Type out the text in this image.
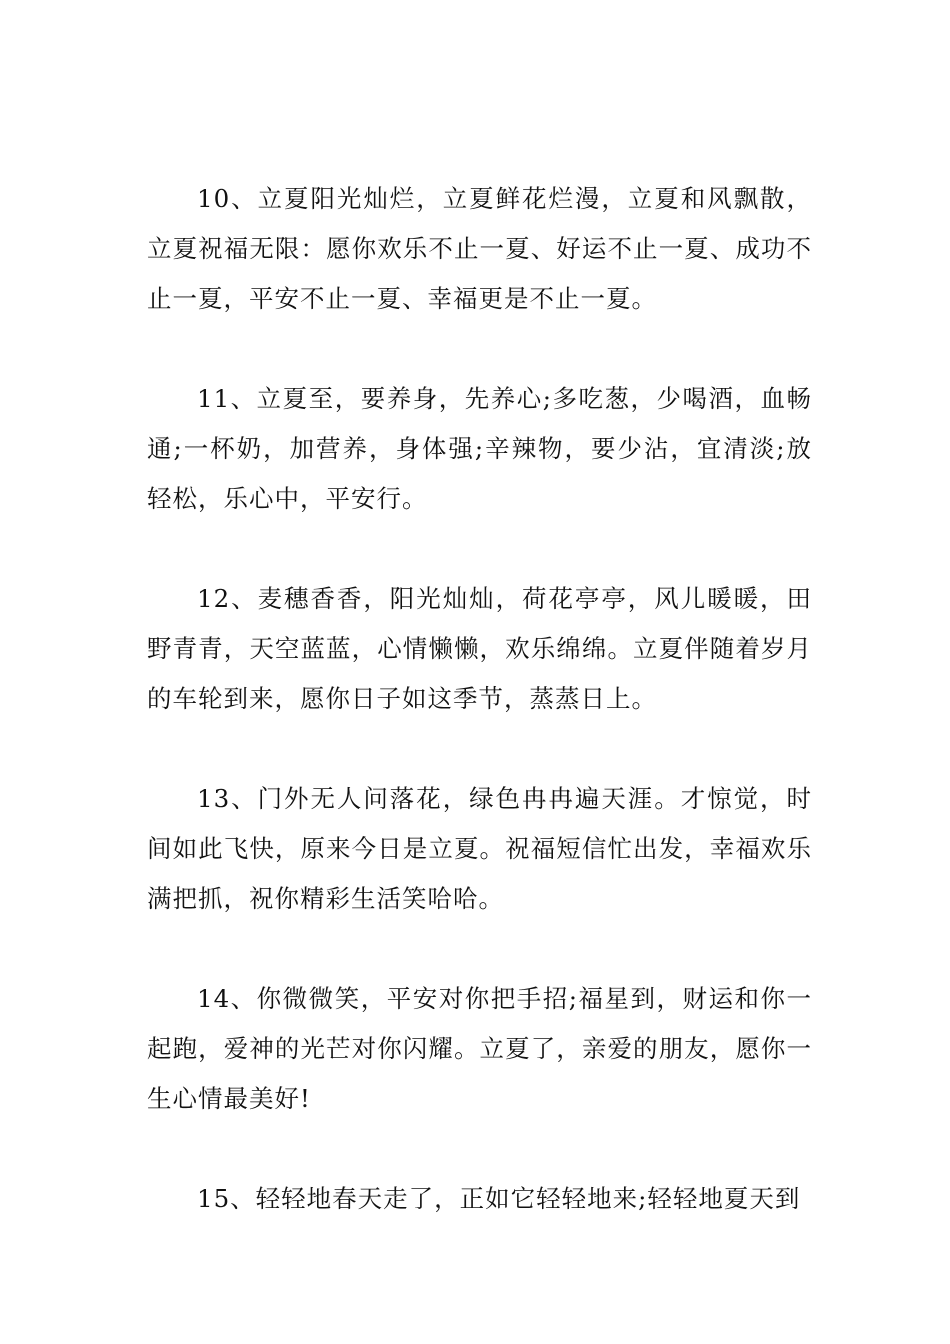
10、立夏阳光灿烂，立夏鲜花烂漫，立夏和风飘散，立夏祝福无限：愿你欢乐不止一夏、好运不止一夏、成功不止一夏，平安不止一夏、幸福更是不止一夏。

11、立夏至，要养身，先养心;多吃葱，少喝酒，血畅通;一杯奶，加营养，身体强;辛辣物，要少沾，宜清淡;放轻松，乐心中，平安行。

12、麦穗香香，阳光灿灿，荷花亭亭，风儿暖暖，田野青青，天空蓝蓝，心情懒懒，欢乐绵绵。立夏伴随着岁月的车轮到来，愿你日子如这季节，蒸蒸日上。

13、门外无人问落花，绿色冉冉遍天涯。才惊觉，时间如此飞快，原来今日是立夏。祝福短信忙出发，幸福欢乐满把抓，祝你精彩生活笑哈哈。

14、你微微笑，平安对你把手招;福星到，财运和你一起跑，爱神的光芒对你闪耀。立夏了，亲爱的朋友，愿你一生心情最美好!

15、轻轻地春天走了，正如它轻轻地来;轻轻地夏天到
